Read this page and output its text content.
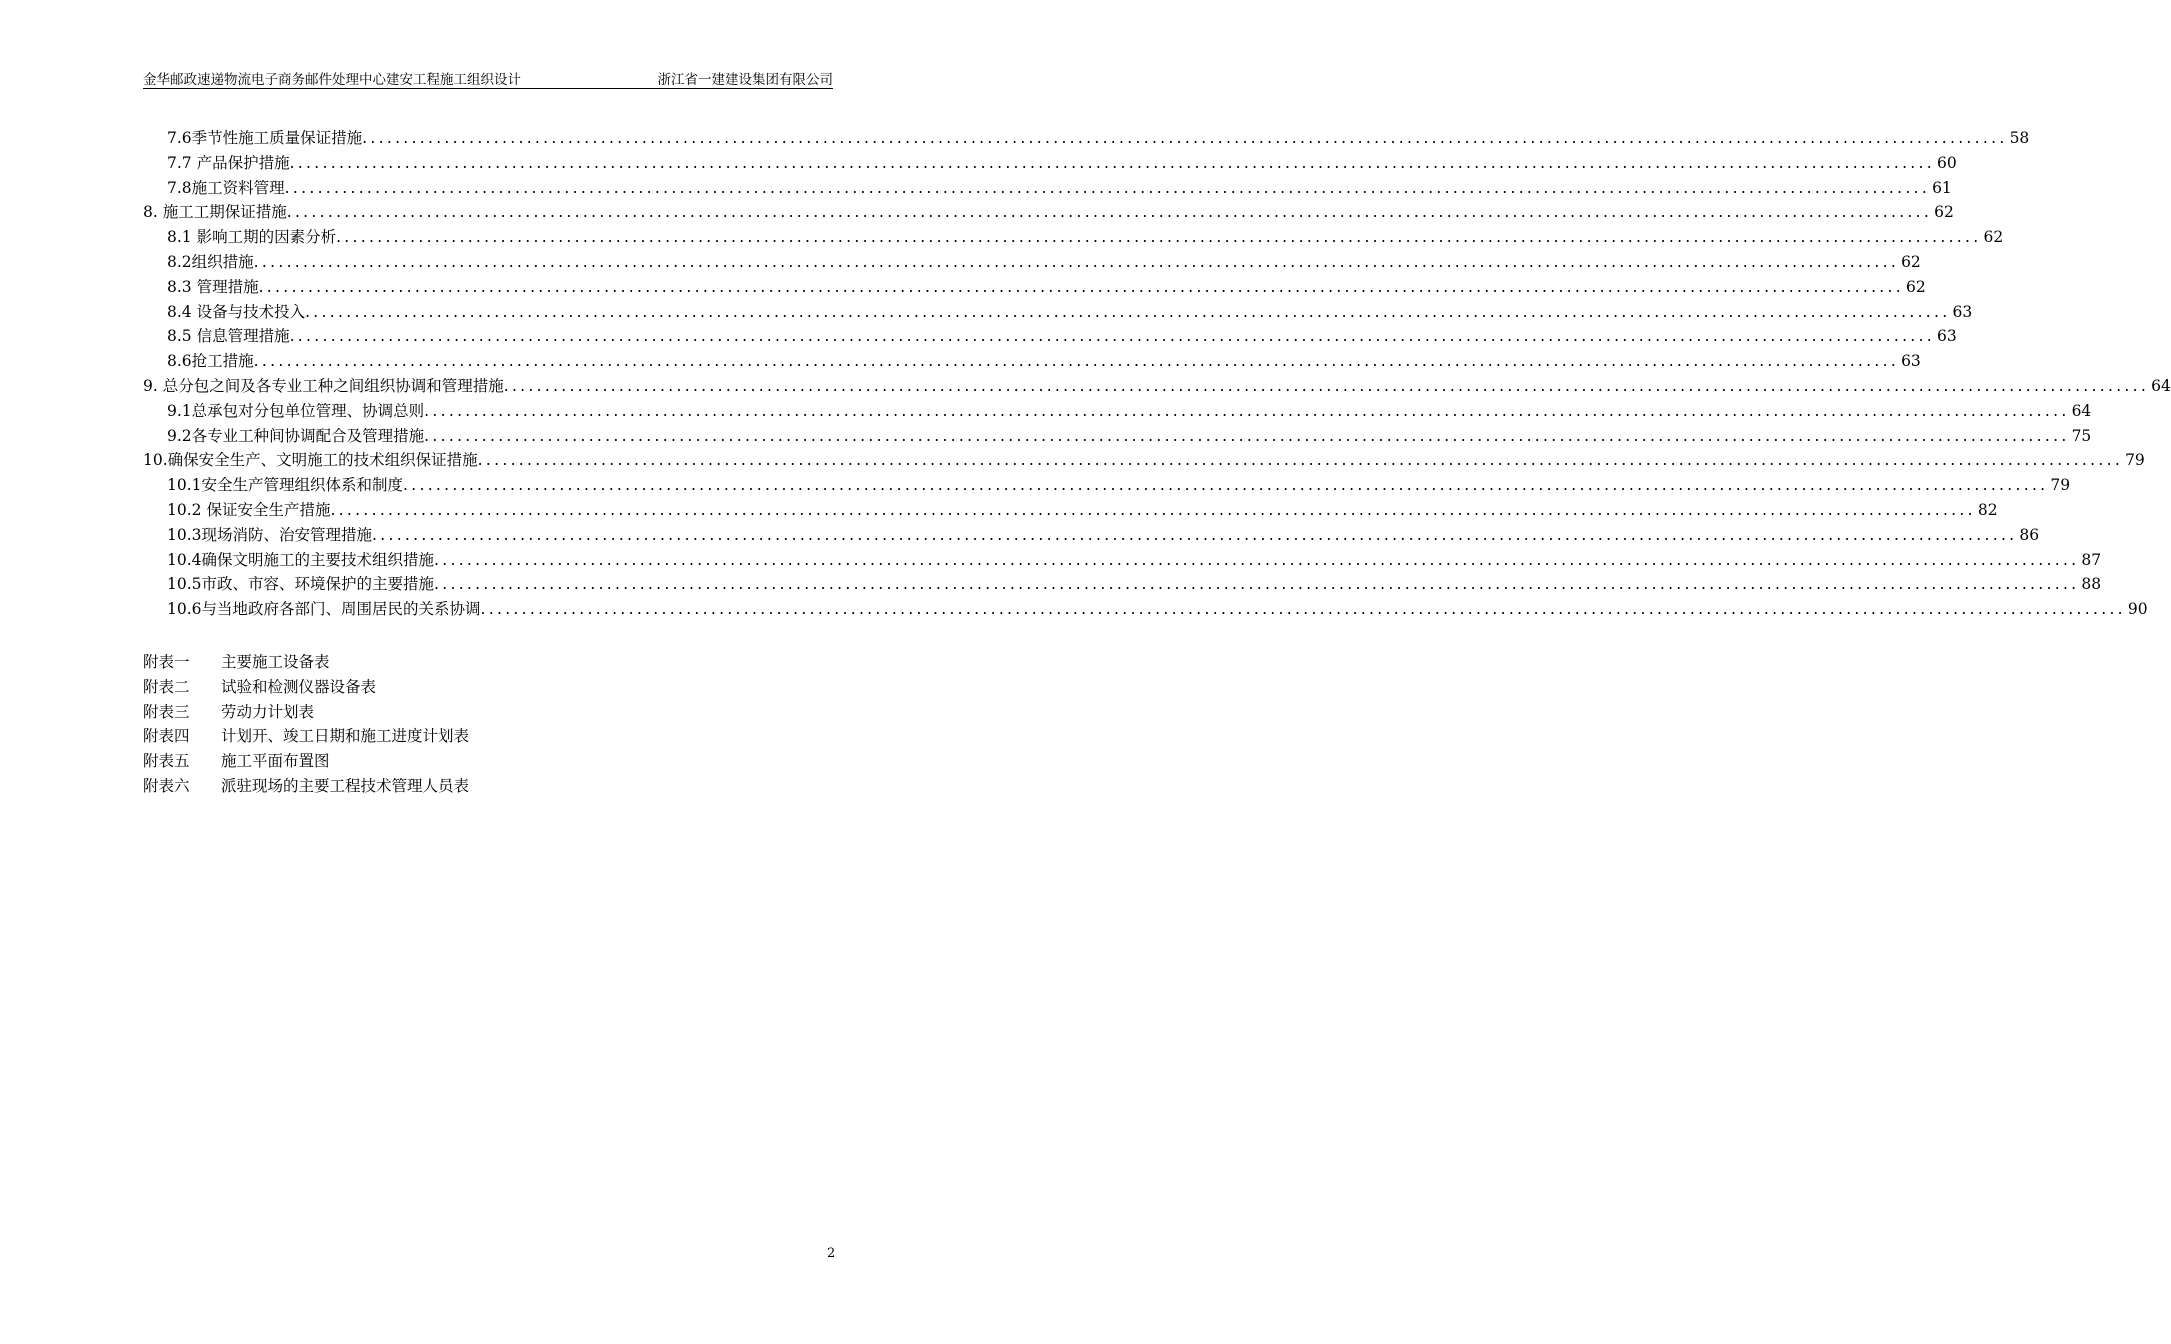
金华邮政速递物流电子商务邮件处理中心建安工程施工组织设计	浙江省一建建设集团有限公司
7.6季节性施工质量保证措施 ........................................................................................................................................................................................................ 58
7.7 产品保护措施 ........................................................................................................................................................................................................ 60
7.8施工资料管理 ........................................................................................................................................................................................................ 61
8. 施工工期保证措施 ........................................................................................................................................................................................................ 62
8.1 影响工期的因素分析 ........................................................................................................................................................................................................ 62
8.2组织措施 ........................................................................................................................................................................................................ 62
8.3 管理措施 ........................................................................................................................................................................................................ 62
8.4 设备与技术投入 ........................................................................................................................................................................................................ 63
8.5 信息管理措施 ........................................................................................................................................................................................................ 63
8.6抢工措施 ........................................................................................................................................................................................................ 63
9. 总分包之间及各专业工种之间组织协调和管理措施 ........................................................................................................................................................................................................ 64
9.1总承包对分包单位管理、协调总则 ........................................................................................................................................................................................................ 64
9.2各专业工种间协调配合及管理措施 ........................................................................................................................................................................................................ 75
10.确保安全生产、文明施工的技术组织保证措施 ........................................................................................................................................................................................................ 79
10.1安全生产管理组织体系和制度 ........................................................................................................................................................................................................ 79
10.2 保证安全生产措施 ........................................................................................................................................................................................................ 82
10.3现场消防、治安管理措施 ........................................................................................................................................................................................................ 86
10.4确保文明施工的主要技术组织措施 ........................................................................................................................................................................................................ 87
10.5市政、市容、环境保护的主要措施 ........................................................................................................................................................................................................ 88
10.6与当地政府各部门、周围居民的关系协调 ........................................................................................................................................................................................................ 90
附表一	主要施工设备表
附表二	试验和检测仪器设备表
附表三	劳动力计划表
附表四	计划开、竣工日期和施工进度计划表
附表五	施工平面布置图
附表六	派驻现场的主要工程技术管理人员表
2
